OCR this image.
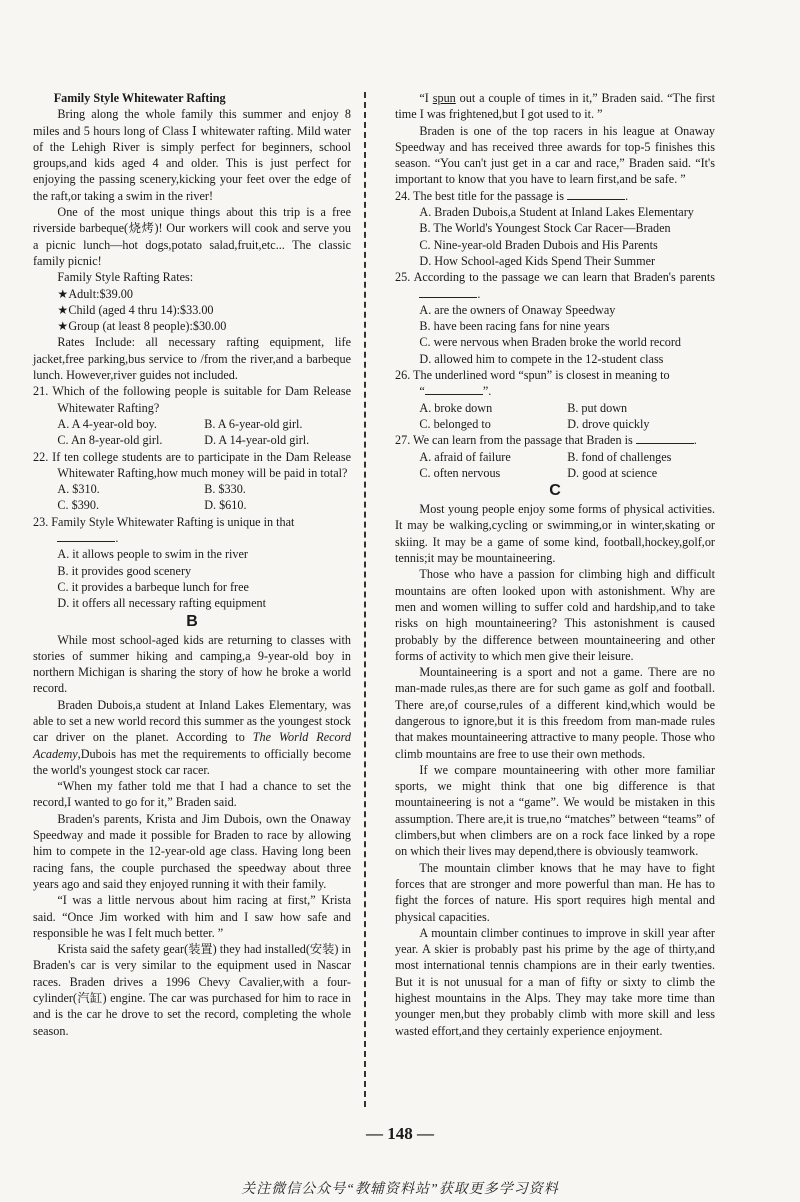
Family Style Whitewater Rafting

Bring along the whole family this summer and enjoy 8 miles and 5 hours long of Class Ⅰ whitewater rafting. Mild water of the Lehigh River is simply perfect for beginners, school groups,and kids aged 4 and older. This is just perfect for enjoying the passing scenery,kicking your feet over the edge of the raft,or taking a swim in the river!

One of the most unique things about this trip is a free riverside barbeque(烧烤)! Our workers will cook and serve you a picnic lunch—hot dogs,potato salad,fruit,etc... The classic family picnic!

Family Style Rafting Rates:

★Adult:$39.00

★Child (aged 4 thru 14):$33.00

★Group (at least 8 people):$30.00

Rates Include: all necessary rafting equipment, life jacket,free parking,bus service to /from the river,and a barbeque lunch. However,river guides not included.

21. Which of the following people is suitable for Dam Release Whitewater Rafting?

A. A 4-year-old boy.	B. A 6-year-old girl.
C. An 8-year-old girl.	D. A 14-year-old girl.

22. If ten college students are to participate in the Dam Release Whitewater Rafting,how much money will be paid in total?

A. $310.	B. $330.
C. $390.	D. $610.

23. Family Style Whitewater Rafting is unique in that
.

A. it allows people to swim in the river

B. it provides good scenery

C. it provides a barbeque lunch for free

D. it offers all necessary rafting equipment

B

While most school-aged kids are returning to classes with stories of summer hiking and camping,a 9-year-old boy in northern Michigan is sharing the story of how he broke a world record.

Braden Dubois,a student at Inland Lakes Elementary, was able to set a new world record this summer as the youngest stock car driver on the planet. According to The World Record Academy,Dubois has met the requirements to officially become the world's youngest stock car racer.

“When my father told me that I had a chance to set the record,I wanted to go for it,” Braden said.

Braden's parents, Krista and Jim Dubois, own the Onaway Speedway and made it possible for Braden to race by allowing him to compete in the 12-year-old age class. Having long been racing fans, the couple purchased the speedway about three years ago and said they enjoyed running it with their family.

“I was a little nervous about him racing at first,” Krista said. “Once Jim worked with him and I saw how safe and responsible he was I felt much better. ”

Krista said the safety gear(装置) they had installed(安装) in Braden's car is very similar to the equipment used in Nascar races. Braden drives a 1996 Chevy Cavalier,with a four-cylinder(汽缸) engine. The car was purchased for him to race in and is the car he drove to set the record, completing the whole season.

“I spun out a couple of times in it,” Braden said. “The first time I was frightened,but I got used to it. ”

Braden is one of the top racers in his league at Onaway Speedway and has received three awards for top-5 finishes this season. “You can't just get in a car and race,” Braden said. “It's important to know that you have to learn first,and be safe. ”

24. The best title for the passage is	.

A. Braden Dubois,a Student at Inland Lakes Elementary

B. The World's Youngest Stock Car Racer—Braden

C. Nine-year-old Braden Dubois and His Parents

D. How School-aged Kids Spend Their Summer

25. According to the passage we can learn that Braden's parents .

A. are the owners of Onaway Speedway

B. have been racing fans for nine years

C. were nervous when Braden broke the world record

D. allowed him to compete in the 12-student class

26. The underlined word “spun” is closest in meaning to
“	”.

A. broke down	B. put down
C. belonged to	D. drove quickly

27. We can learn from the passage that Braden is	.

A. afraid of failure	B. fond of challenges
C. often nervous	D. good at science

C

Most young people enjoy some forms of physical activities. It may be walking,cycling or swimming,or in winter,skating or skiing. It may be a game of some kind, football,hockey,golf,or tennis;it may be mountaineering.

Those who have a passion for climbing high and difficult mountains are often looked upon with astonishment. Why are men and women willing to suffer cold and hardship,and to take risks on high mountaineering? This astonishment is caused probably by the difference between mountaineering and other forms of activity to which men give their leisure.

Mountaineering is a sport and not a game. There are no man-made rules,as there are for such game as golf and football. There are,of course,rules of a different kind,which would be dangerous to ignore,but it is this freedom from man-made rules that makes mountaineering attractive to many people. Those who climb mountains are free to use their own methods.

If we compare mountaineering with other more familiar sports, we might think that one big difference is that mountaineering is not a “game”. We would be mistaken in this assumption. There are,it is true,no “matches” between “teams” of climbers,but when climbers are on a rock face linked by a rope on which their lives may depend,there is obviously teamwork.

The mountain climber knows that he may have to fight forces that are stronger and more powerful than man. He has to fight the forces of nature. His sport requires high mental and physical capacities.

A mountain climber continues to improve in skill year after year. A skier is probably past his prime by the age of thirty,and most international tennis champions are in their early twenties. But it is not unusual for a man of fifty or sixty to climb the highest mountains in the Alps. They may take more time than younger men,but they probably climb with more skill and less wasted effort,and they certainly experience enjoyment.

— 148 —
关注微信公众号“教辅资料站”获取更多学习资料
